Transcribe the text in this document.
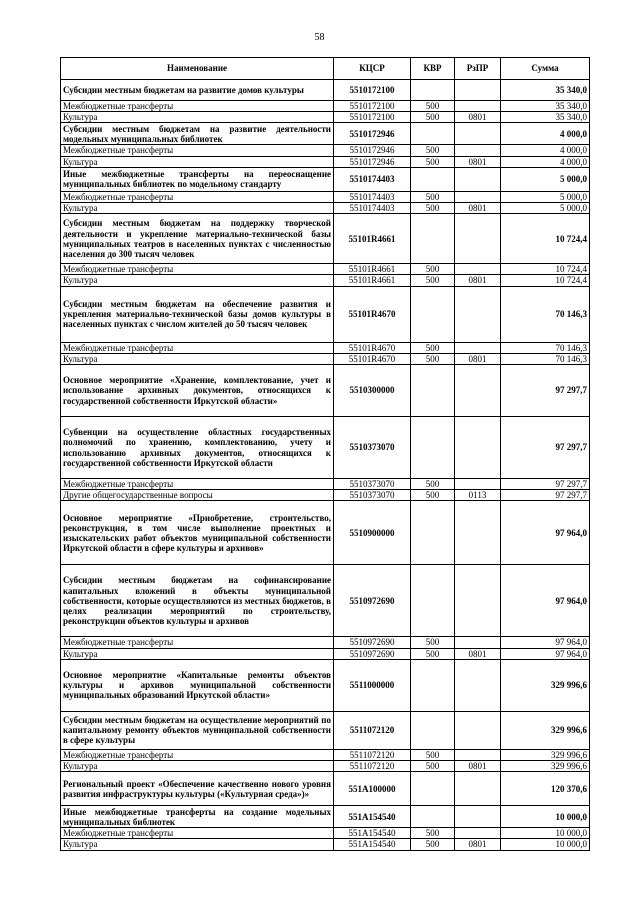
58
Наименование	КЦСР	КВР	РзПР	Сумма
Субсидии местным бюджетам на развитие домов культуры	5510172100			35 340,0
Межбюджетные трансферты	5510172100	500		35 340,0
Культура	5510172100	500	0801	35 340,0
Субсидии местным бюджетам на развитие деятельности модельных муниципальных библиотек	5510172946			4 000,0
Межбюджетные трансферты	5510172946	500		4 000,0
Культура	5510172946	500	0801	4 000,0
Иные межбюджетные трансферты на переоснащение муниципальных библиотек по модельному стандарту	5510174403			5 000,0
Межбюджетные трансферты	5510174403	500		5 000,0
Культура	5510174403	500	0801	5 000,0
Субсидии местным бюджетам на поддержку творческой деятельности и укрепление материально-технической базы муниципальных театров в населенных пунктах с численностью населения до 300 тысяч человек	55101R4661			10 724,4
Межбюджетные трансферты	55101R4661	500		10 724,4
Культура	55101R4661	500	0801	10 724,4
Субсидии местным бюджетам на обеспечение развития и укрепления материально-технической базы домов культуры в населенных пунктах с числом жителей до 50 тысяч человек	55101R4670			70 146,3
Межбюджетные трансферты	55101R4670	500		70 146,3
Культура	55101R4670	500	0801	70 146,3
Основное мероприятие «Хранение, комплектование, учет и использование архивных документов, относящихся к государственной собственности Иркутской области»	5510300000			97 297,7
Субвенции на осуществление областных государственных полномочий по хранению, комплектованию, учету и использованию архивных документов, относящихся к государственной собственности Иркутской области	5510373070			97 297,7
Межбюджетные трансферты	5510373070	500		97 297,7
Другие общегосударственные вопросы	5510373070	500	0113	97 297,7
Основное мероприятие «Приобретение, строительство, реконструкция, в том числе выполнение проектных и изыскательских работ объектов муниципальной собственности Иркутской области в сфере культуры и архивов»	5510900000			97 964,0
Субсидии местным бюджетам на софинансирование капитальных вложений в объекты муниципальной собственности, которые осуществляются из местных бюджетов, в целях реализации мероприятий по строительству, реконструкции объектов культуры и архивов	5510972690			97 964,0
Межбюджетные трансферты	5510972690	500		97 964,0
Культура	5510972690	500	0801	97 964,0
Основное мероприятие «Капитальные ремонты объектов культуры и архивов муниципальной собственности муниципальных образований Иркутской области»	5511000000			329 996,6
Субсидии местным бюджетам на осуществление мероприятий по капитальному ремонту объектов муниципальной собственности в сфере культуры	5511072120			329 996,6
Межбюджетные трансферты	5511072120	500		329 996,6
Культура	5511072120	500	0801	329 996,6
Региональный проект «Обеспечение качественно нового уровня развития инфраструктуры культуры («Культурная среда»)»	551A100000			120 370,6
Иные межбюджетные трансферты на создание модельных муниципальных библиотек	551A154540			10 000,0
Межбюджетные трансферты	551A154540	500		10 000,0
Культура	551A154540	500	0801	10 000,0
